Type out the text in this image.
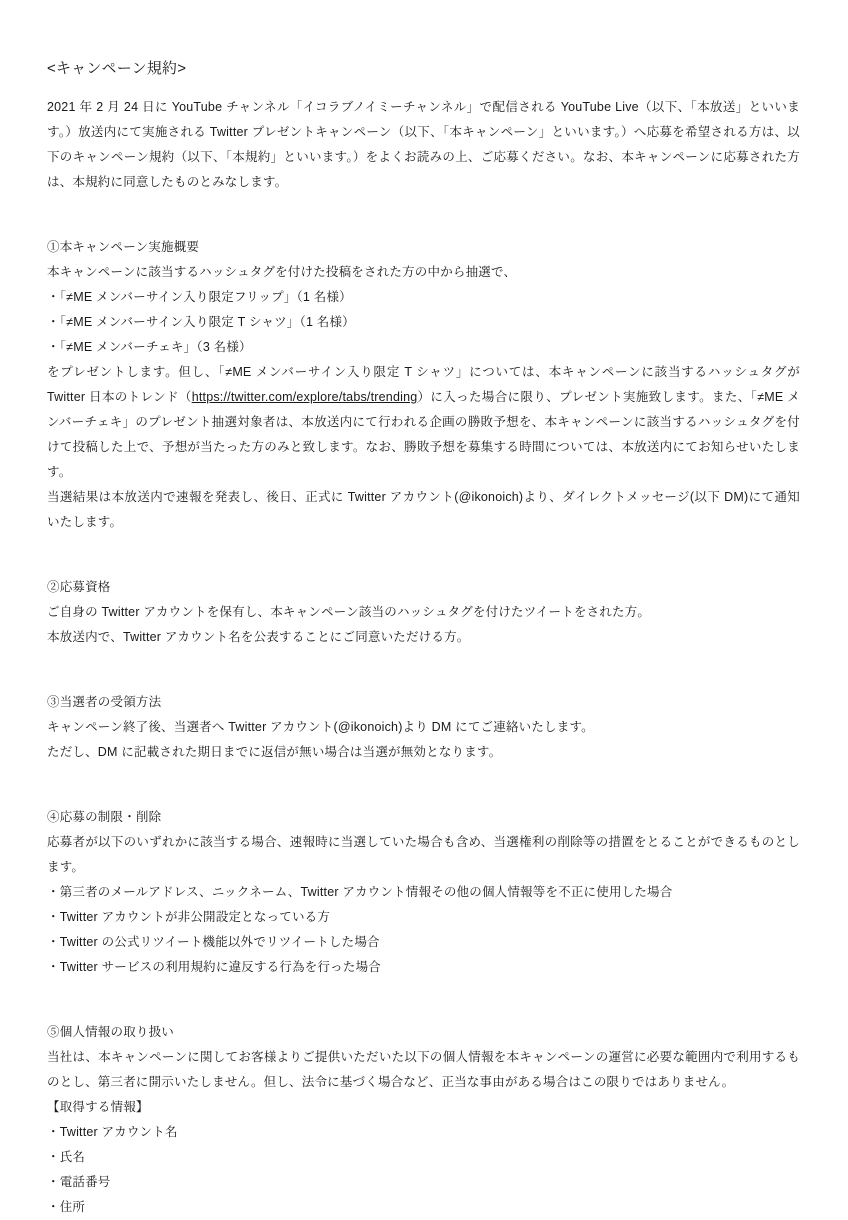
<キャンペーン規約>

2021 年 2 月 24 日に YouTube チャンネル「イコラブノイミーチャンネル」で配信される YouTube Live（以下、「本放送」といいます。）放送内にて実施される Twitter プレゼントキャンペーン（以下、「本キャンペーン」といいます。）へ応募を希望される方は、以下のキャンペーン規約（以下、「本規約」といいます。）をよくお読みの上、ご応募ください。なお、本キャンペーンに応募された方は、本規約に同意したものとみなします。

①本キャンペーン実施概要
本キャンペーンに該当するハッシュタグを付けた投稿をされた方の中から抽選で、
・「≠ME メンバーサイン入り限定フリップ」（1 名様）
・「≠ME メンバーサイン入り限定 T シャツ」（1 名様）
・「≠ME メンバーチェキ」（3 名様）

をプレゼントします。但し、「≠ME メンバーサイン入り限定 T シャツ」については、本キャンペーンに該当するハッシュタグが Twitter 日本のトレンド（https://twitter.com/explore/tabs/trending）に入った場合に限り、プレゼント実施致します。また、「≠ME メンバーチェキ」のプレゼント抽選対象者は、本放送内にて行われる企画の勝敗予想を、本キャンペーンに該当するハッシュタグを付けて投稿した上で、予想が当たった方のみと致します。なお、勝敗予想を募集する時間については、本放送内にてお知らせいたします。

当選結果は本放送内で速報を発表し、後日、正式に Twitter アカウント(@ikonoich)より、ダイレクトメッセージ(以下 DM)にて通知いたします。

②応募資格
ご自身の Twitter アカウントを保有し、本キャンペーン該当のハッシュタグを付けたツイートをされた方。
本放送内で、Twitter アカウント名を公表することにご同意いただける方。
③当選者の受領方法
キャンペーン終了後、当選者へ Twitter アカウント(@ikonoich)より DM にてご連絡いたします。
ただし、DM に記載された期日までに返信が無い場合は当選が無効となります。
④応募の制限・削除

応募者が以下のいずれかに該当する場合、速報時に当選していた場合も含め、当選権利の削除等の措置をとることができるものとします。

・第三者のメールアドレス、ニックネーム、Twitter アカウント情報その他の個人情報等を不正に使用した場合
・Twitter アカウントが非公開設定となっている方
・Twitter の公式リツイート機能以外でリツイートした場合
・Twitter サービスの利用規約に違反する行為を行った場合
⑤個人情報の取り扱い

当社は、本キャンペーンに関してお客様よりご提供いただいた以下の個人情報を本キャンペーンの運営に必要な範囲内で利用するものとし、第三者に開示いたしません。但し、法令に基づく場合など、正当な事由がある場合はこの限りではありません。

【取得する情報】
・Twitter アカウント名
・氏名
・電話番号
・住所
